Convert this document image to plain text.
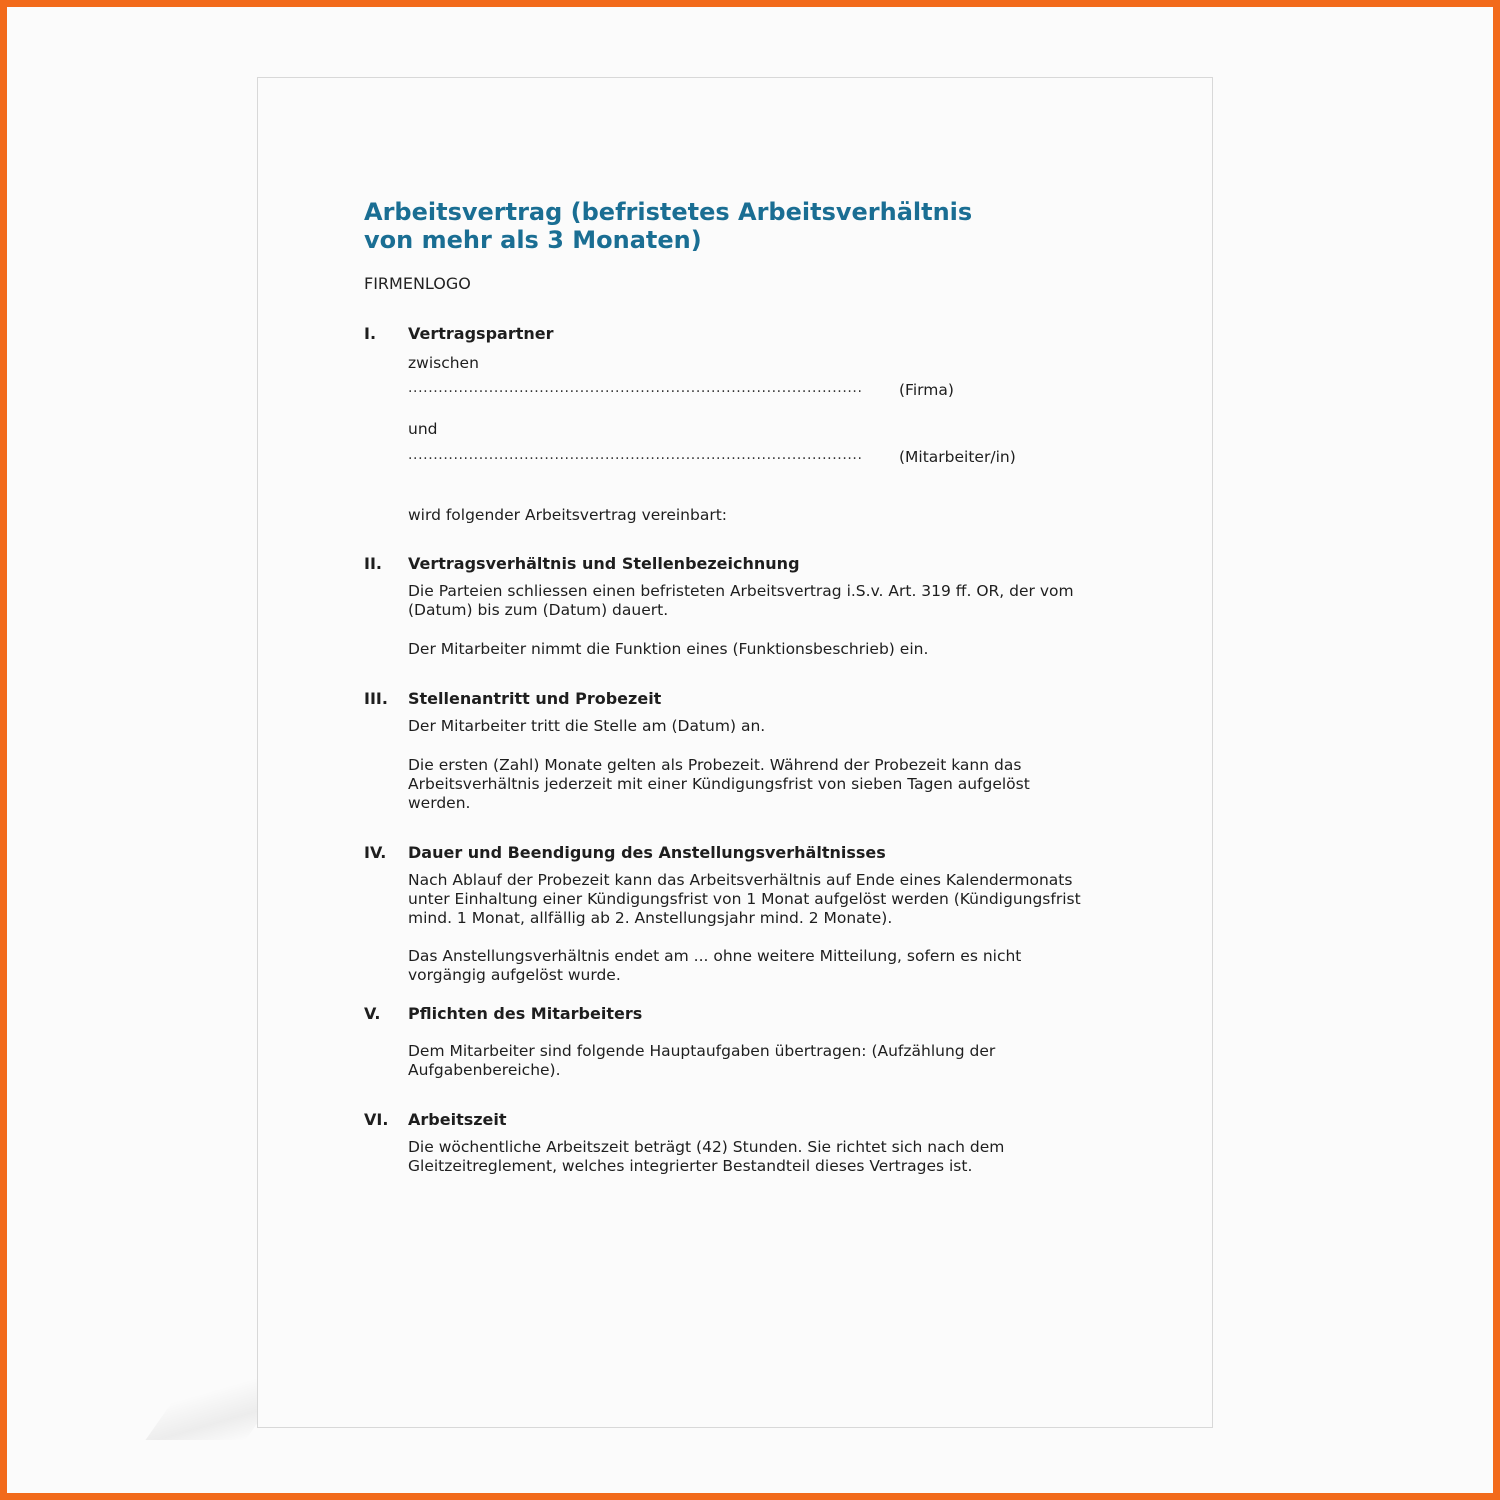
Arbeitsvertrag (befristetes Arbeitsverhältnis
von mehr als 3 Monaten)
FIRMENLOGO
I. Vertragspartner
zwischen
.......................................................................................... (Firma)
und
.......................................................................................... (Mitarbeiter/in)
wird folgender Arbeitsvertrag vereinbart:
II. Vertragsverhältnis und Stellenbezeichnung
Die Parteien schliessen einen befristeten Arbeitsvertrag i.S.v. Art. 319 ff. OR, der vom
(Datum) bis zum (Datum) dauert.
Der Mitarbeiter nimmt die Funktion eines (Funktionsbeschrieb) ein.
III. Stellenantritt und Probezeit
Der Mitarbeiter tritt die Stelle am (Datum) an.
Die ersten (Zahl) Monate gelten als Probezeit. Während der Probezeit kann das
Arbeitsverhältnis jederzeit mit einer Kündigungsfrist von sieben Tagen aufgelöst
werden.
IV. Dauer und Beendigung des Anstellungsverhältnisses
Nach Ablauf der Probezeit kann das Arbeitsverhältnis auf Ende eines Kalendermonats
unter Einhaltung einer Kündigungsfrist von 1 Monat aufgelöst werden (Kündigungsfrist
mind. 1 Monat, allfällig ab 2. Anstellungsjahr mind. 2 Monate).
Das Anstellungsverhältnis endet am ... ohne weitere Mitteilung, sofern es nicht
vorgängig aufgelöst wurde.
V. Pflichten des Mitarbeiters
Dem Mitarbeiter sind folgende Hauptaufgaben übertragen: (Aufzählung der
Aufgabenbereiche).
VI. Arbeitszeit
Die wöchentliche Arbeitszeit beträgt (42) Stunden. Sie richtet sich nach dem
Gleitzeitreglement, welches integrierter Bestandteil dieses Vertrages ist.
